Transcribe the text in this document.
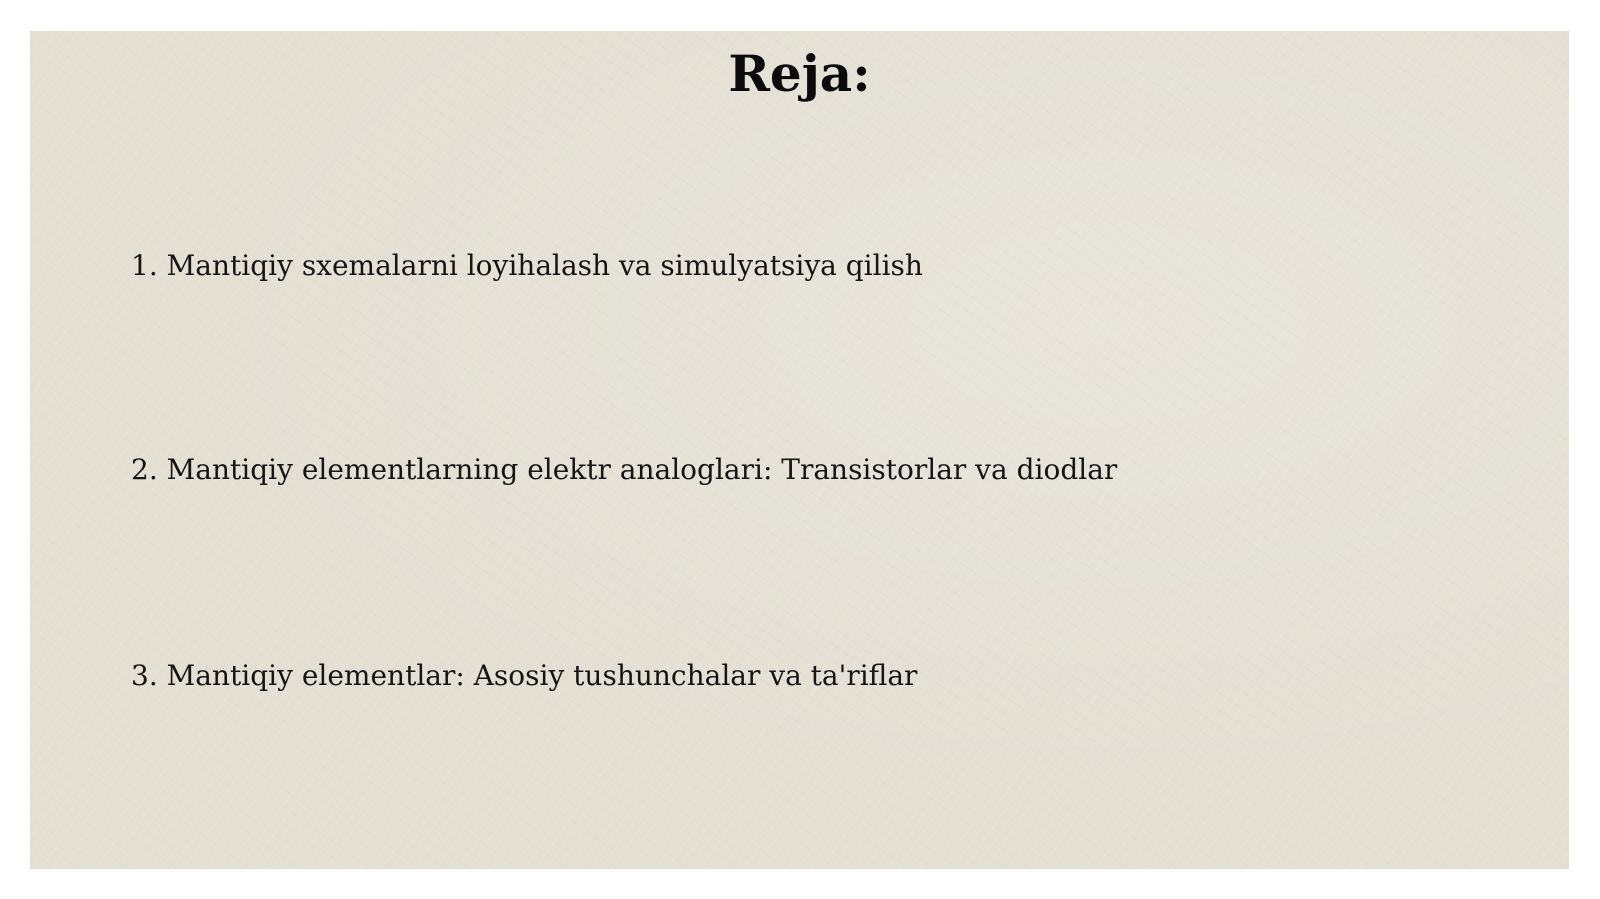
Reja:
1. Mantiqiy sxemalarni loyihalash va simulyatsiya qilish
2. Mantiqiy elementlarning elektr analoglari: Transistorlar va diodlar
3. Mantiqiy elementlar: Asosiy tushunchalar va ta'riflar
